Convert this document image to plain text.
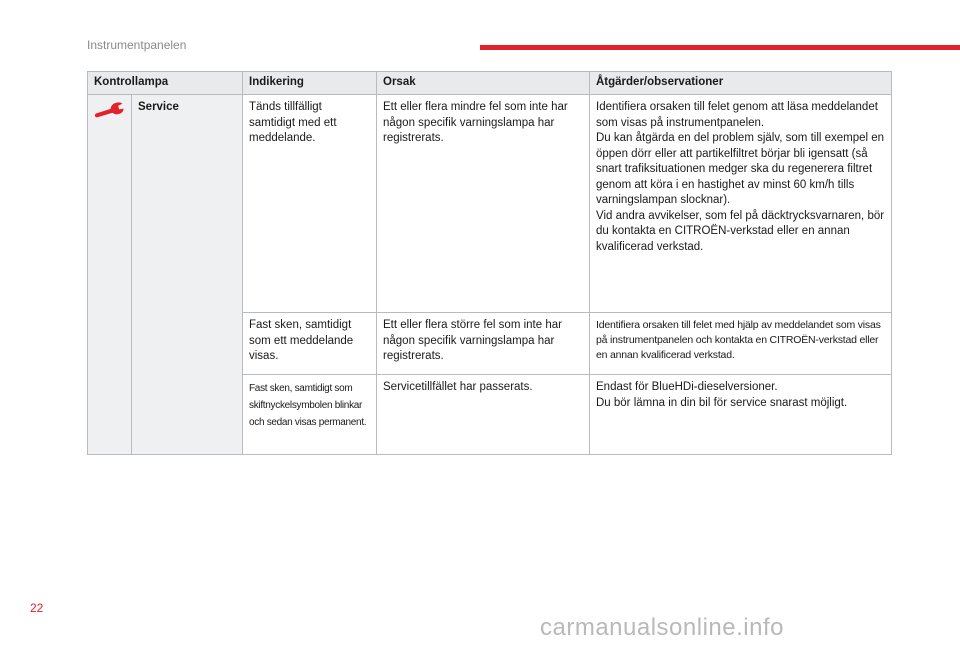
Instrumentpanelen
Kontrollampa		Indikering	Orsak	Åtgärder/observationer

	Service	Tänds tillfälligt samtidigt med ett meddelande.	Ett eller flera mindre fel som inte har någon specifik varningslampa har registrerats.	Identifiera orsaken till felet genom att läsa meddelandet som visas på instrumentpanelen.
Du kan åtgärda en del problem själv, som till exempel en öppen dörr eller att partikelfiltret börjar bli igensatt (så snart trafiksituationen medger ska du regenerera filtret genom att köra i en hastighet av minst 60 km/h tills varningslampan slocknar).
Vid andra avvikelser, som fel på däcktrycksvarnaren, bör du kontakta en CITROËN-verkstad eller en annan kvalificerad verkstad.

		Fast sken, samtidigt som ett meddelande visas.	Ett eller flera större fel som inte har någon specifik varningslampa har registrerats.	Identifiera orsaken till felet med hjälp av meddelandet som visas på instrumentpanelen och kontakta en CITROËN-verkstad eller en annan kvalificerad verkstad.

		Fast sken, samtidigt som skiftnyckelsymbolen blinkar och sedan visas permanent.	Servicetillfället har passerats.	Endast för BlueHDi-dieselversioner.
Du bör lämna in din bil för service snarast möjligt.
22
carmanualsonline.info
